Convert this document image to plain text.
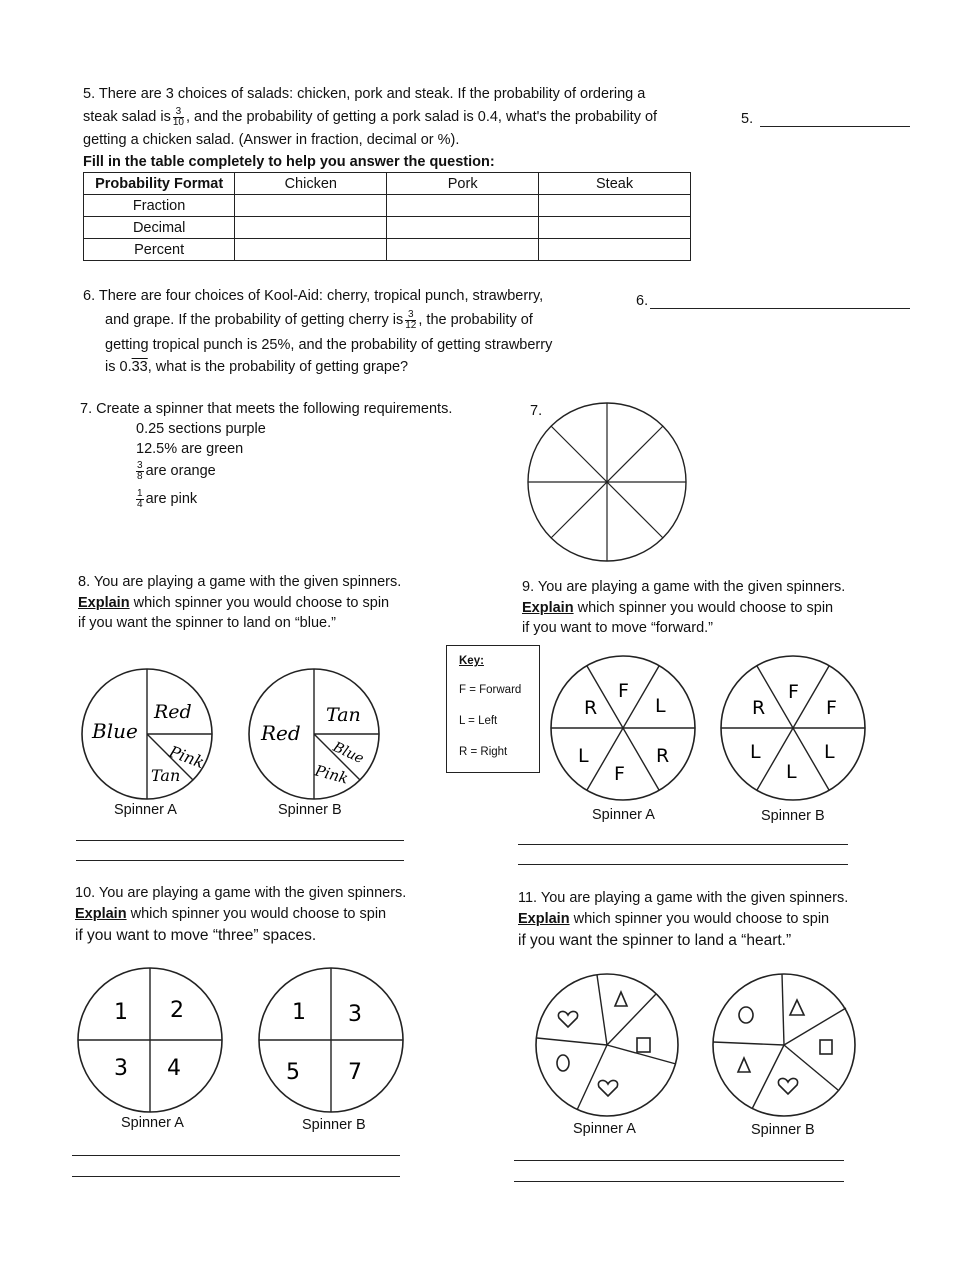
5. There are 3 choices of salads: chicken, pork and steak. If the probability of ordering a
steak salad is $\frac{3}{10}$ , and the probability of getting a pork salad is 0.4, what's the probability of
getting a chicken salad. (Answer in fraction, decimal or %).
Fill in the table completely to help you answer the question:
5.
Probability Format	Chicken	Pork	Steak
Fraction			
Decimal			
Percent			
6. There are four choices of Kool-Aid: cherry, tropical punch, strawberry,
and grape. If the probability of getting cherry is $\frac{3}{12}$ , the probability of
getting tropical punch is 25%, and the probability of getting strawberry
is 0.33, what is the probability of getting grape?
6.
7. Create a spinner that meets the following requirements.
0.25 sections purple
12.5% are green
$\frac{3}{8}$ are orange
$\frac{1}{4}$ are pink
7.
8. You are playing a game with the given spinners.
Explain which spinner you would choose to spin
if you want the spinner to land on “blue.”
Blue
Red
Pink
Tan
Spinner A
Red
Tan
Blue
Pink
Spinner B
9. You are playing a game with the given spinners.
Explain which spinner you would choose to spin
if you want to move “forward.”
Key:
F = Forward
L = Left
R = Right
R
F
L
L
F
R
Spinner A
R
F
F
L
L
L
Spinner B
10. You are playing a game with the given spinners.
Explain which spinner you would choose to spin
if you want to move “three” spaces.
1 2
3 4
Spinner A
1 3
5 7
Spinner B
11. You are playing a game with the given spinners.
Explain which spinner you would choose to spin
if you want the spinner to land a “heart.”
Spinner A	Spinner B
